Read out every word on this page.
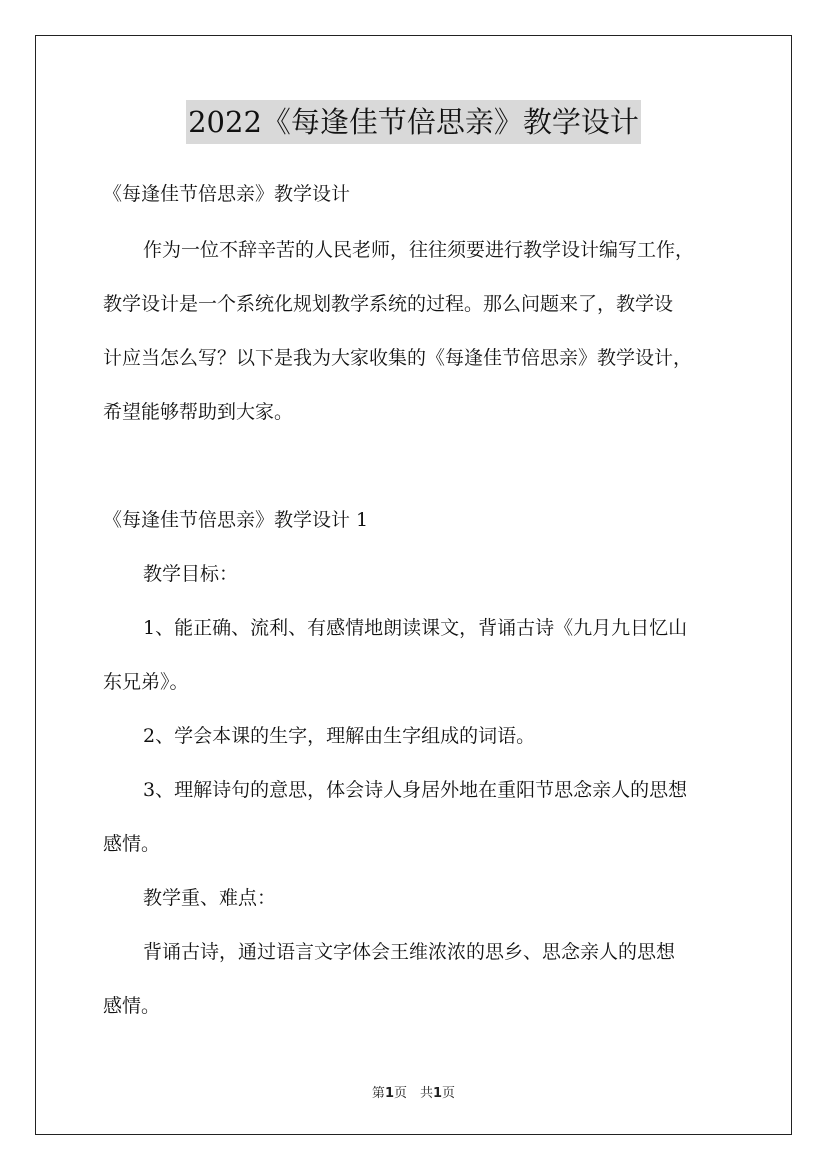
2022《每逢佳节倍思亲》教学设计
《每逢佳节倍思亲》教学设计
作为一位不辞辛苦的人民老师，往往须要进行教学设计编写工作，
教学设计是一个系统化规划教学系统的过程。那么问题来了，教学设
计应当怎么写？以下是我为大家收集的《每逢佳节倍思亲》教学设计，
希望能够帮助到大家。
《每逢佳节倍思亲》教学设计 1
教学目标：
1、能正确、流利、有感情地朗读课文，背诵古诗《九月九日忆山
东兄弟》。
2、学会本课的生字，理解由生字组成的词语。
3、理解诗句的意思，体会诗人身居外地在重阳节思念亲人的思想
感情。
教学重、难点：
背诵古诗，通过语言文字体会王维浓浓的思乡、思念亲人的思想
感情。
第1页　共1页
